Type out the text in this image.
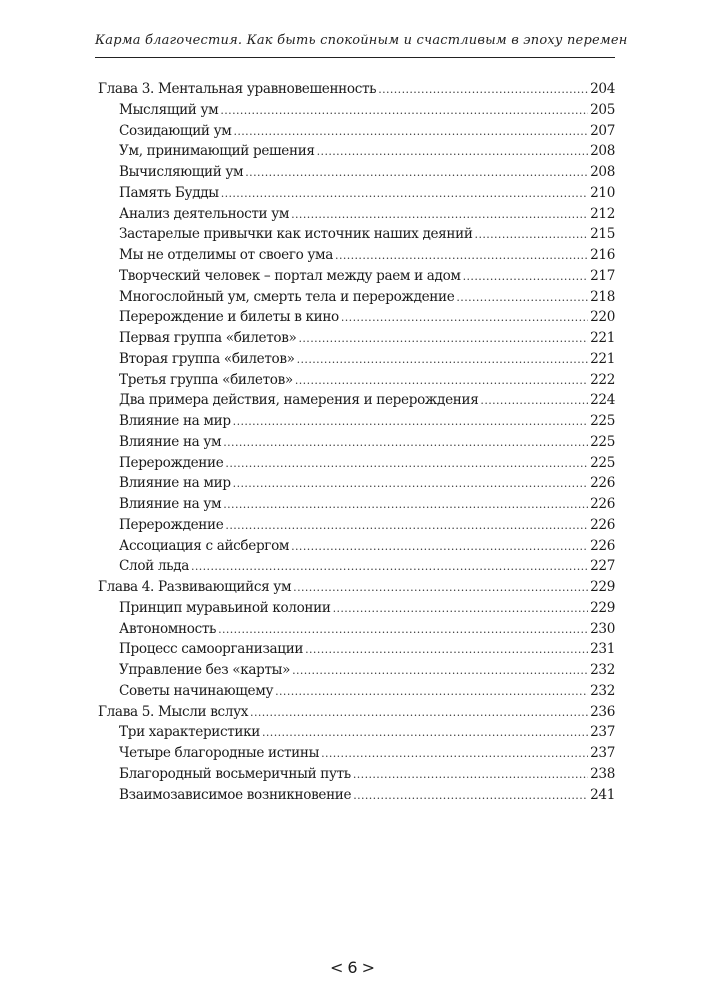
Карма благочестия. Как быть спокойным и счастливым в эпоху перемен
Глава 3. Ментальная уравновешенность .....	204
Мыслящий ум .....	205
Созидающий ум .....	207
Ум, принимающий решения .....	208
Вычисляющий ум .....	208
Память Будды .....	210
Анализ деятельности ум .....	212
Застарелые привычки как источник наших деяний .....	215
Мы не отделимы от своего ума .....	216
Творческий человек – портал между раем и адом .....	217
Многослойный ум, смерть тела и перерождение .....	218
Перерождение и билеты в кино .....	220
Первая группа «билетов» .....	221
Вторая группа «билетов» .....	221
Третья группа «билетов» .....	222
Два примера действия, намерения и перерождения .....	224
Влияние на мир .....	225
Влияние на ум .....	225
Перерождение .....	225
Влияние на мир .....	226
Влияние на ум .....	226
Перерождение .....	226
Ассоциация с айсбергом .....	226
Слой льда .....	227
Глава 4. Развивающийся ум .....	229
Принцип муравьиной колонии .....	229
Автономность .....	230
Процесс самоорганизации .....	231
Управление без «карты» .....	232
Советы начинающему .....	232
Глава 5. Мысли вслух .....	236
Три характеристики .....	237
Четыре благородные истины .....	237
Благородный восьмеричный путь .....	238
Взаимозависимое возникновение .....	241
< 6 >
